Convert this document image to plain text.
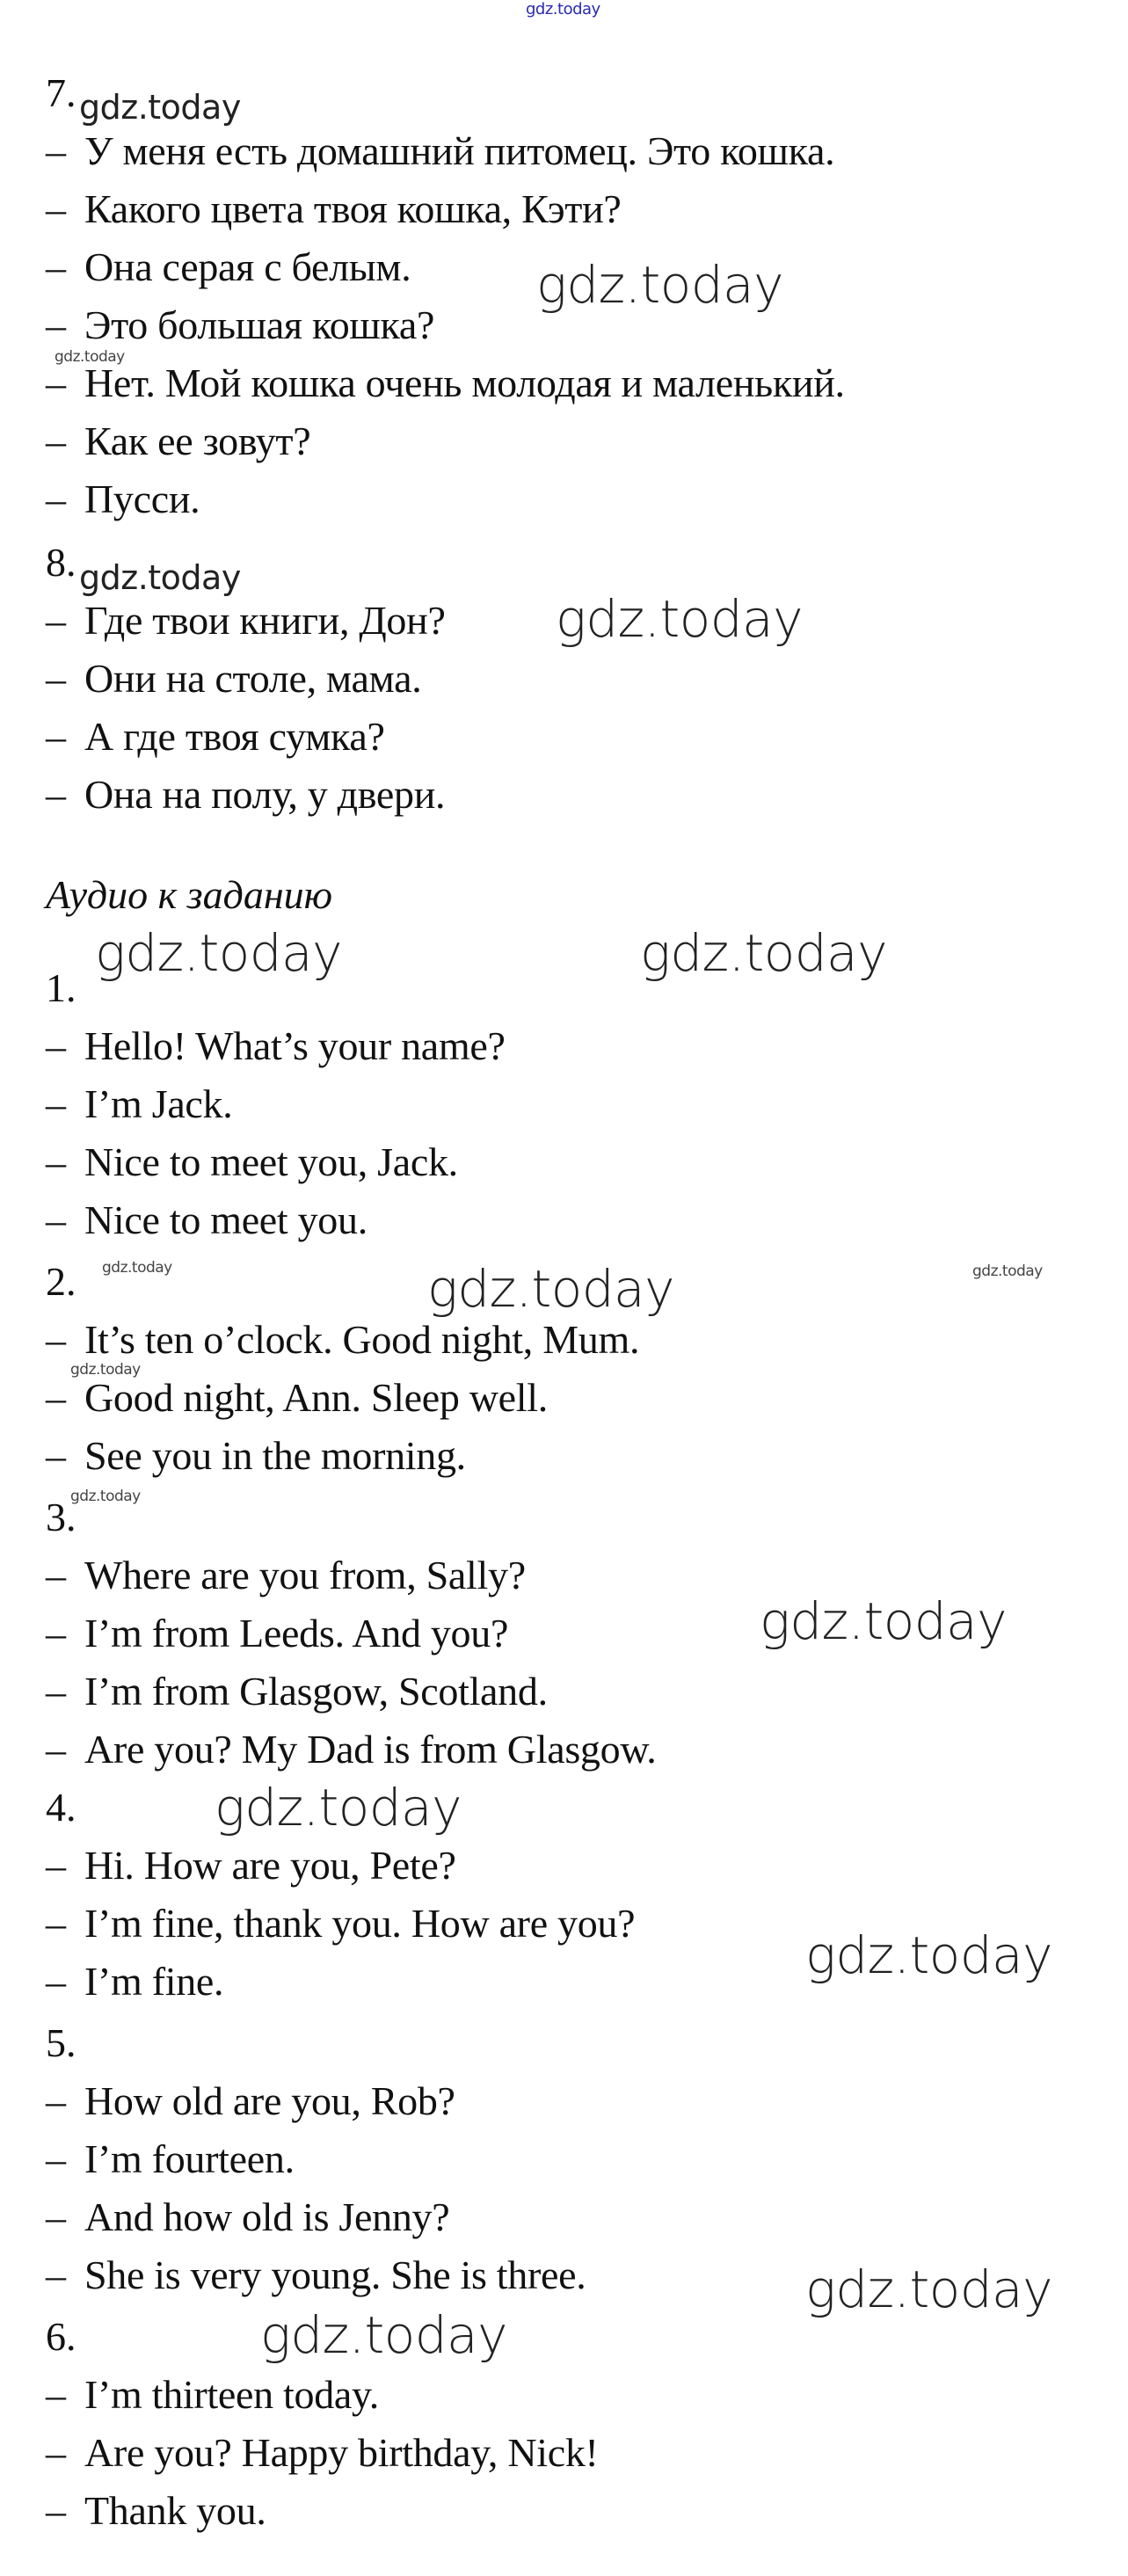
gdz.today
7.
– У меня есть домашний питомец. Это кошка.
– Какого цвета твоя кошка, Кэти?
– Она серая с белым.
– Это большая кошка?
– Нет. Мой кошка очень молодая и маленький.
– Как ее зовут?
– Пусси.
8.
– Где твои книги, Дон?
– Они на столе, мама.
– А где твоя сумка?
– Она на полу, у двери.
Аудио к заданию
1.
– Hello! What’s your name?
– I’m Jack.
– Nice to meet you, Jack.
– Nice to meet you.
2.
– It’s ten o’clock. Good night, Mum.
– Good night, Ann. Sleep well.
– See you in the morning.
3.
– Where are you from, Sally?
– I’m from Leeds. And you?
– I’m from Glasgow, Scotland.
– Are you? My Dad is from Glasgow.
4.
– Hi. How are you, Pete?
– I’m fine, thank you. How are you?
– I’m fine.
5.
– How old are you, Rob?
– I’m fourteen.
– And how old is Jenny?
– She is very young. She is three.
6.
– I’m thirteen today.
– Are you? Happy birthday, Nick!
– Thank you.
gdz.today
gdz.today
gdz.today
gdz.today
gdz.today
gdz.today	gdz.today
gdz.today	gdz.today	gdz.today
gdz.today
gdz.today
gdz.today
gdz.today
gdz.today
gdz.today
gdz.today
